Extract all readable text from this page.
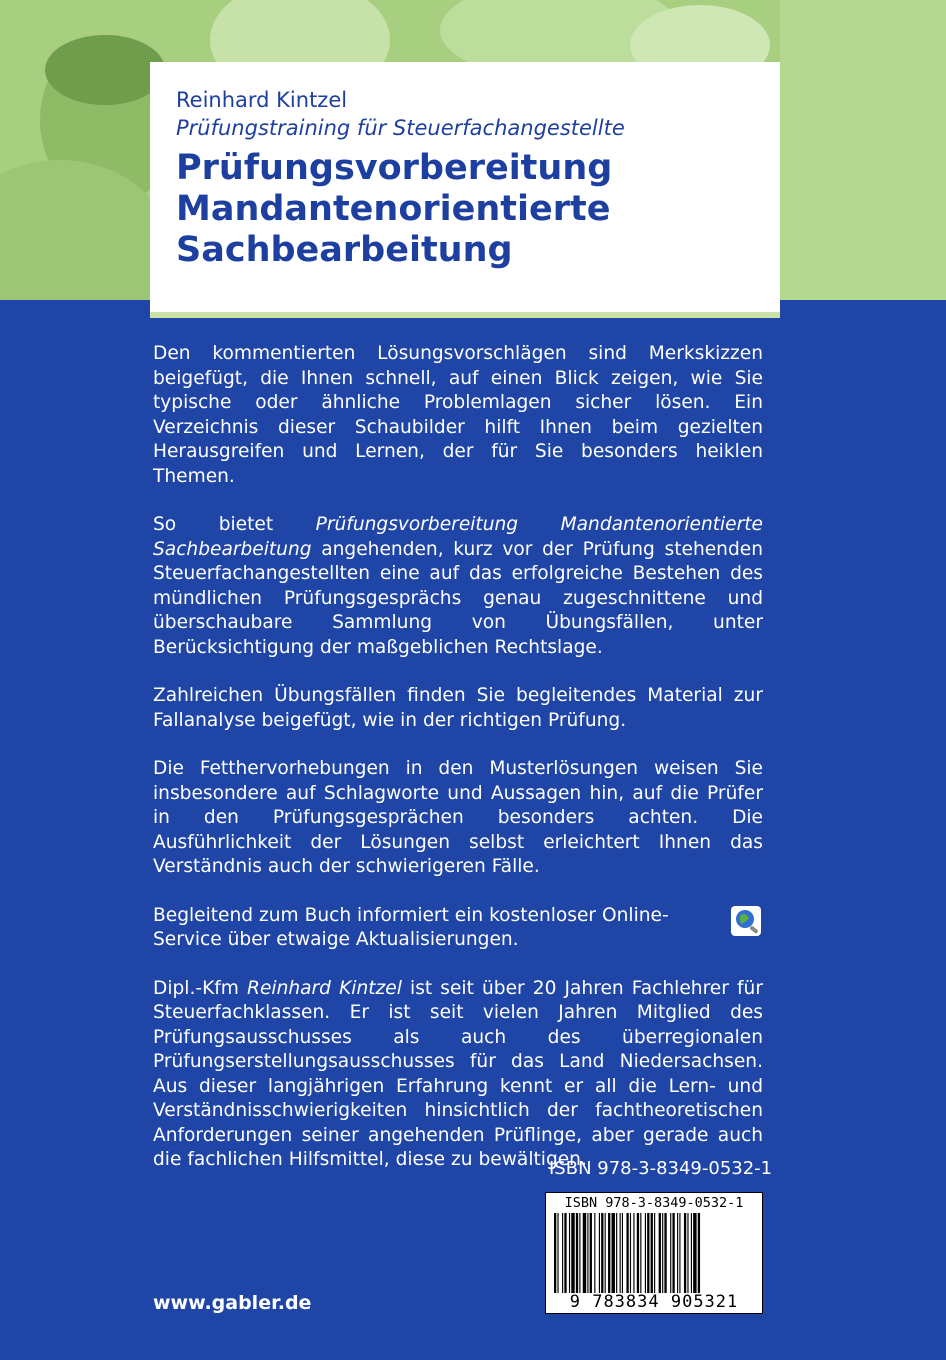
Reinhard Kintzel

Prüfungstraining für Steuerfachangestellte

Prüfungsvorbereitung
Mandantenorientierte
Sachbearbeitung

Den kommentierten Lösungsvorschlägen sind Merkskizzen beigefügt, die Ihnen schnell, auf einen Blick zeigen, wie Sie typische oder ähnliche Problemlagen sicher lösen. Ein Verzeichnis dieser Schaubilder hilft Ihnen beim gezielten Herausgreifen und Lernen, der für Sie besonders heiklen Themen.

So bietet Prüfungsvorbereitung Mandantenorientierte Sachbearbeitung angehenden, kurz vor der Prüfung stehenden Steuerfachangestellten eine auf das erfolgreiche Bestehen des mündlichen Prüfungsgesprächs genau zugeschnittene und überschaubare Sammlung von Übungsfällen, unter Berücksichtigung der maßgeblichen Rechtslage.

Zahlreichen Übungsfällen finden Sie begleitendes Material zur Fallanalyse beigefügt, wie in der richtigen Prüfung.

Die Fetthervorhebungen in den Musterlösungen weisen Sie insbesondere auf Schlagworte und Aussagen hin, auf die Prüfer in den Prüfungsgesprächen besonders achten. Die Ausführlichkeit der Lösungen selbst erleichtert Ihnen das Verständnis auch der schwierigeren Fälle.

Begleitend zum Buch informiert ein kostenloser Online-Service über etwaige Aktualisierungen.

Dipl.-Kfm Reinhard Kintzel ist seit über 20 Jahren Fachlehrer für Steuerfachklassen. Er ist seit vielen Jahren Mitglied des Prüfungsausschusses als auch des überregionalen Prüfungserstellungsausschusses für das Land Niedersachsen. Aus dieser langjährigen Erfahrung kennt er all die Lern- und Verständnisschwierigkeiten hinsichtlich der fachtheoretischen Anforderungen seiner angehenden Prüflinge, aber gerade auch die fachlichen Hilfsmittel, diese zu bewältigen.

ISBN 978-3-8349-0532-1
ISBN 978-3-8349-0532-1
9 783834 905321
www.gabler.de
